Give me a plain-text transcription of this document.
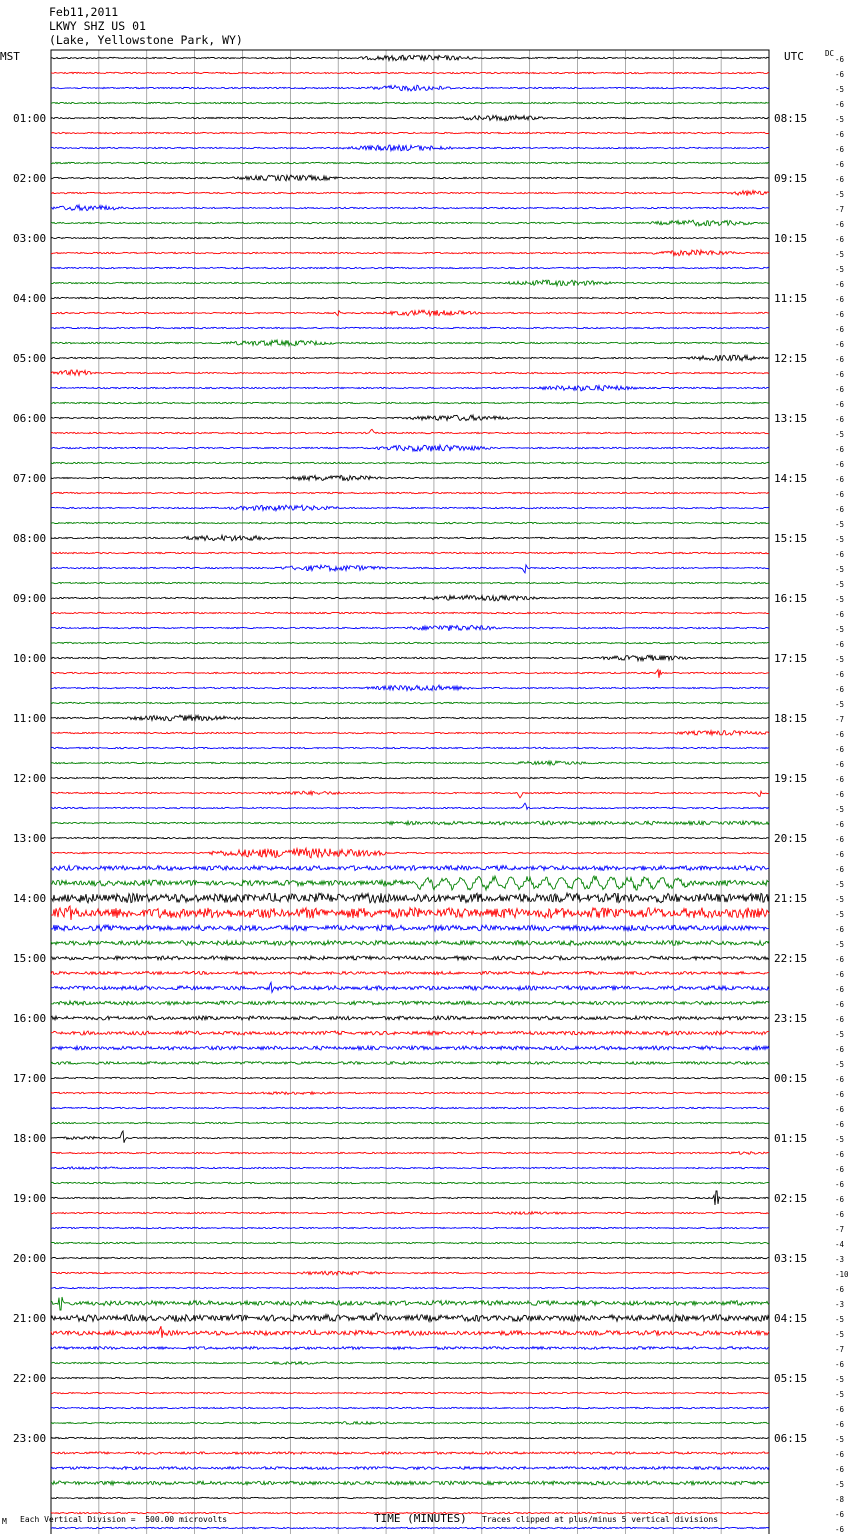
Feb11,2011
LKWY SHZ US 01
(Lake, Yellowstone Park, WY)
MST	UTC	-6
-6
-5
-6
-5
-6
-6
-6
-6
-5
-7
-6
-6
-5
-5
-6
-6
-6
-6
-6
-6
-6
-6
-6
-6
-5
-6
-6
-6
-6
-6
-5
-5
-6
-5
-5
-5
-6
-5
-6
-5
-6
-6
-5
-7
-6
-6
-6
-6
-6
-5
-6
-6
-6
-6
-5
-5
-5
-6
-5
-6
-6
-6
-6
-6
-5
-6
-5
-6
-6
-6
-6
-5
-6
-6
-6
-6
-6
-7
-4
-3
-10
-6
-3
-5
-5
-7
-6
-5
-5
-6
-6
-5
-6
-6
-5
-8
-6
-6
DC
01:00
02:00
03:00
04:00
05:00
06:00
07:00
08:00
09:00
10:00
11:00
12:00
13:00
14:00
15:00
16:00
17:00
18:00
19:00
20:00
21:00
22:00
23:00
08:15
09:15
10:15
11:15
12:15
13:15
14:15
15:15
16:15
17:15
18:15
19:15
20:15
21:15
22:15
23:15
00:15
01:15
02:15
03:15
04:15
05:15
06:15
M Each Vertical Division =  500.00 microvolts	TIME (MINUTES) Traces clipped at plus/minus 5 vertical divisions
